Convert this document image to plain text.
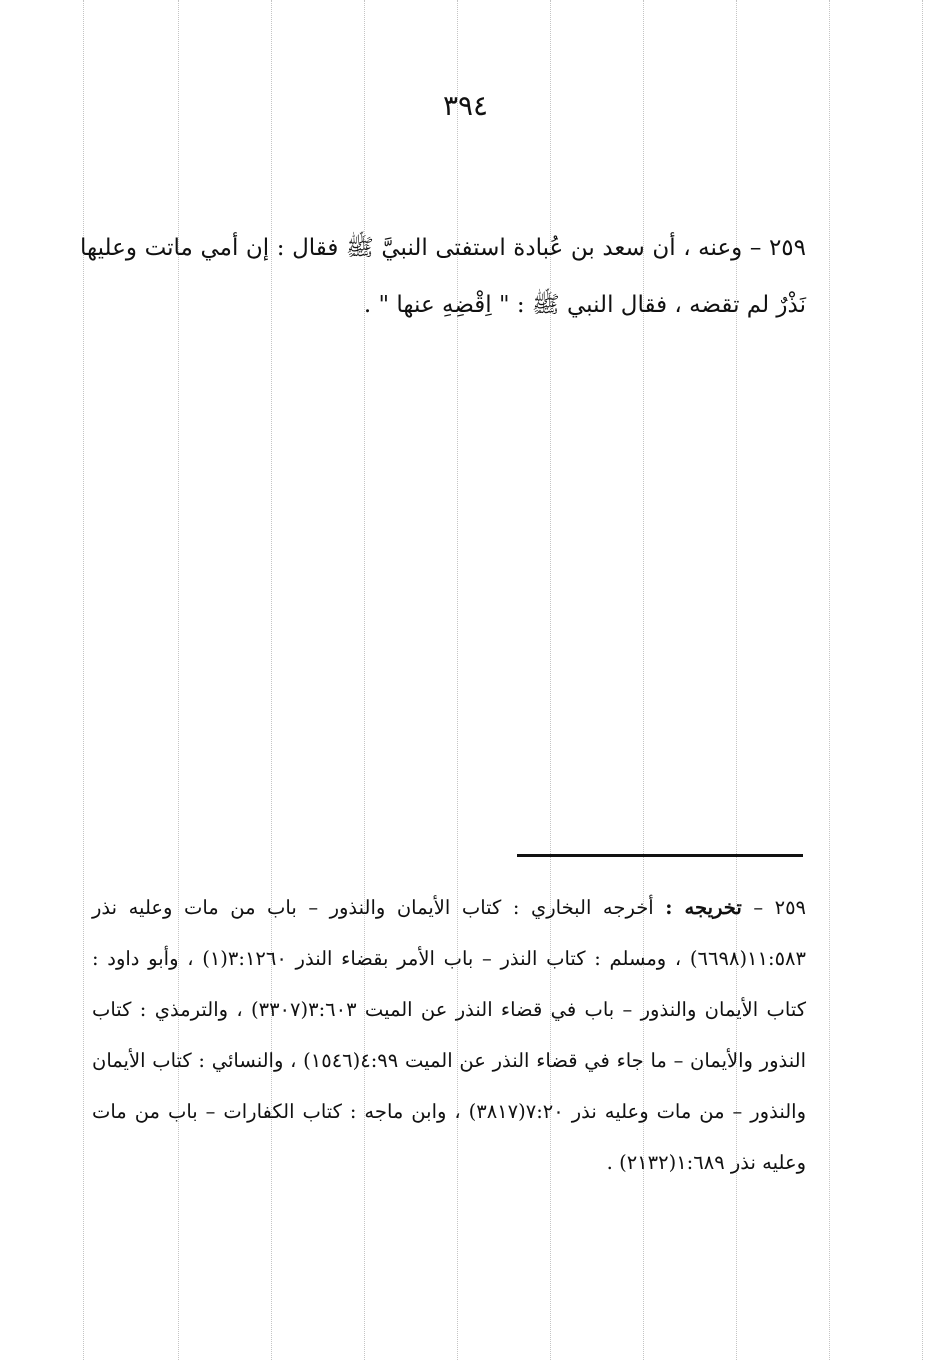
٣٩٤

٢٥٩ – وعنه ، أن سعد بن عُبادة استفتى النبيَّ ﷺ فقال : إن أمي ماتت وعليها نَذْرٌ لم تقضه ، فقال النبي ﷺ : " اِقْضِهِ عنها " .

٢٥٩ – تخريجه : أخرجه البخاري : كتاب الأيمان والنذور – باب من مات وعليه نذر ١١:٥٨٣(٦٦٩٨) ، ومسلم : كتاب النذر – باب الأمر بقضاء النذر ٣:١٢٦٠(١) ، وأبو داود : كتاب الأيمان والنذور – باب في قضاء النذر عن الميت ٣:٦٠٣(٣٣٠٧) ، والترمذي : كتاب النذور والأيمان – ما جاء في قضاء النذر عن الميت ٤:٩٩(١٥٤٦) ، والنسائي : كتاب الأيمان والنذور – من مات وعليه نذر ٧:٢٠(٣٨١٧) ، وابن ماجه : كتاب الكفارات – باب من مات وعليه نذر ١:٦٨٩(٢١٣٢) .
